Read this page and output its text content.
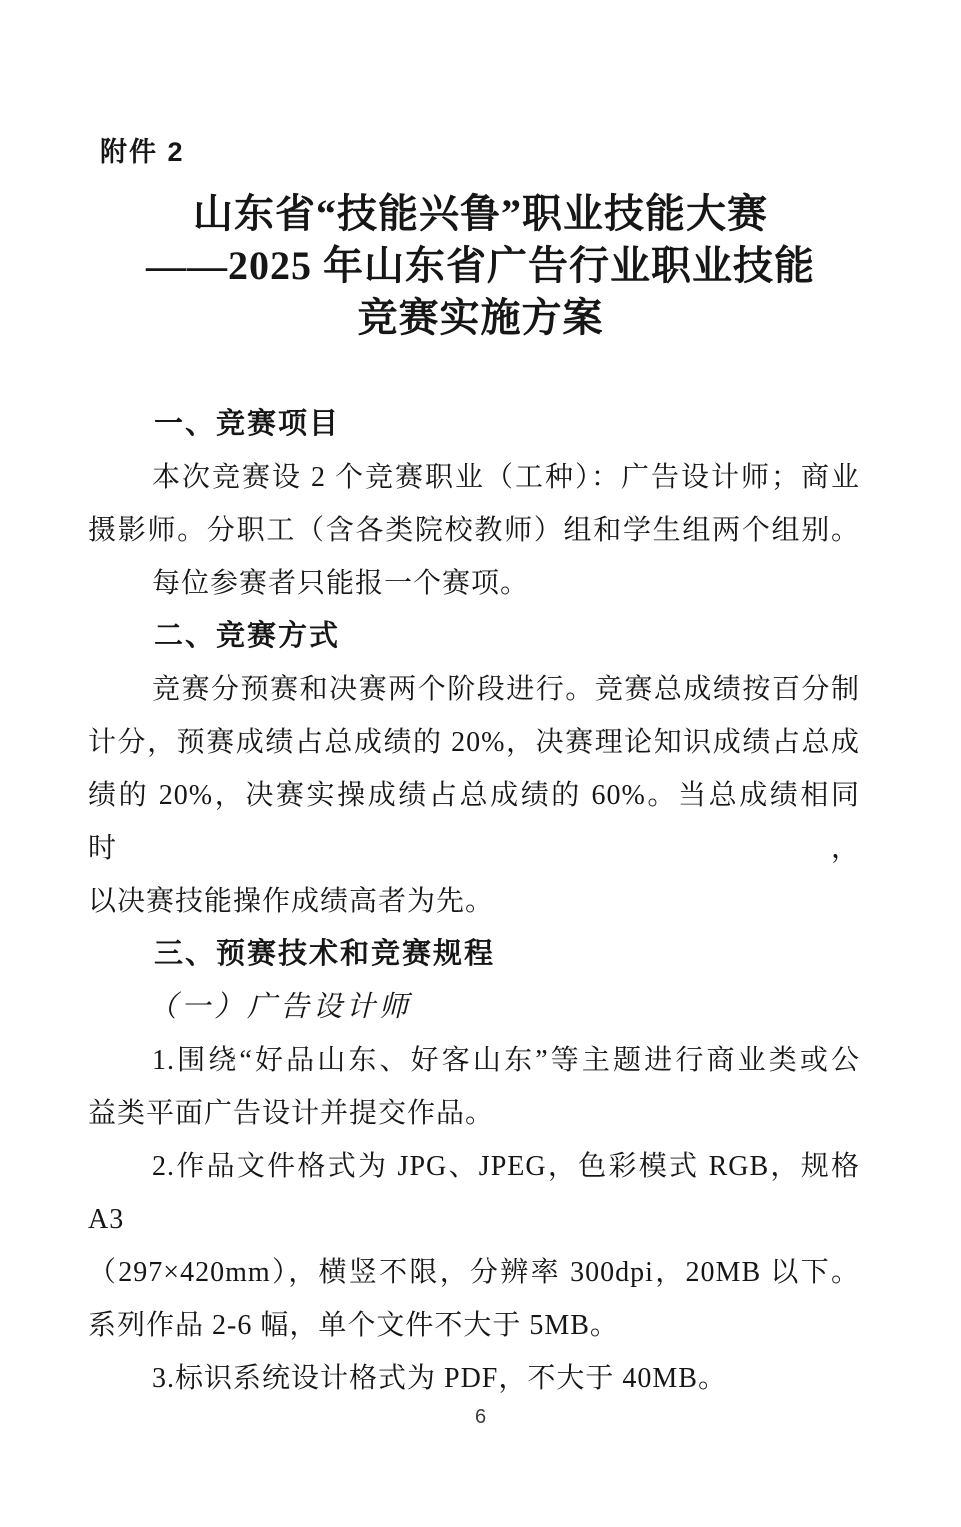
附件 2
山东省“技能兴鲁”职业技能大赛
——2025 年山东省广告行业职业技能
竞赛实施方案
一、竞赛项目
本次竞赛设 2 个竞赛职业（工种）：广告设计师；商业
摄影师。分职工（含各类院校教师）组和学生组两个组别。
每位参赛者只能报一个赛项。
二、竞赛方式
竞赛分预赛和决赛两个阶段进行。竞赛总成绩按百分制
计分，预赛成绩占总成绩的 20%，决赛理论知识成绩占总成
绩的 20%，决赛实操成绩占总成绩的 60%。当总成绩相同时，
以决赛技能操作成绩高者为先。
三、预赛技术和竞赛规程
（一）广告设计师
1.围绕“好品山东、好客山东”等主题进行商业类或公
益类平面广告设计并提交作品。
2.作品文件格式为 JPG、JPEG，色彩模式 RGB，规格 A3
（297×420mm），横竖不限，分辨率 300dpi，20MB 以下。
系列作品 2-6 幅，单个文件不大于 5MB。
3.标识系统设计格式为 PDF，不大于 40MB。
6
